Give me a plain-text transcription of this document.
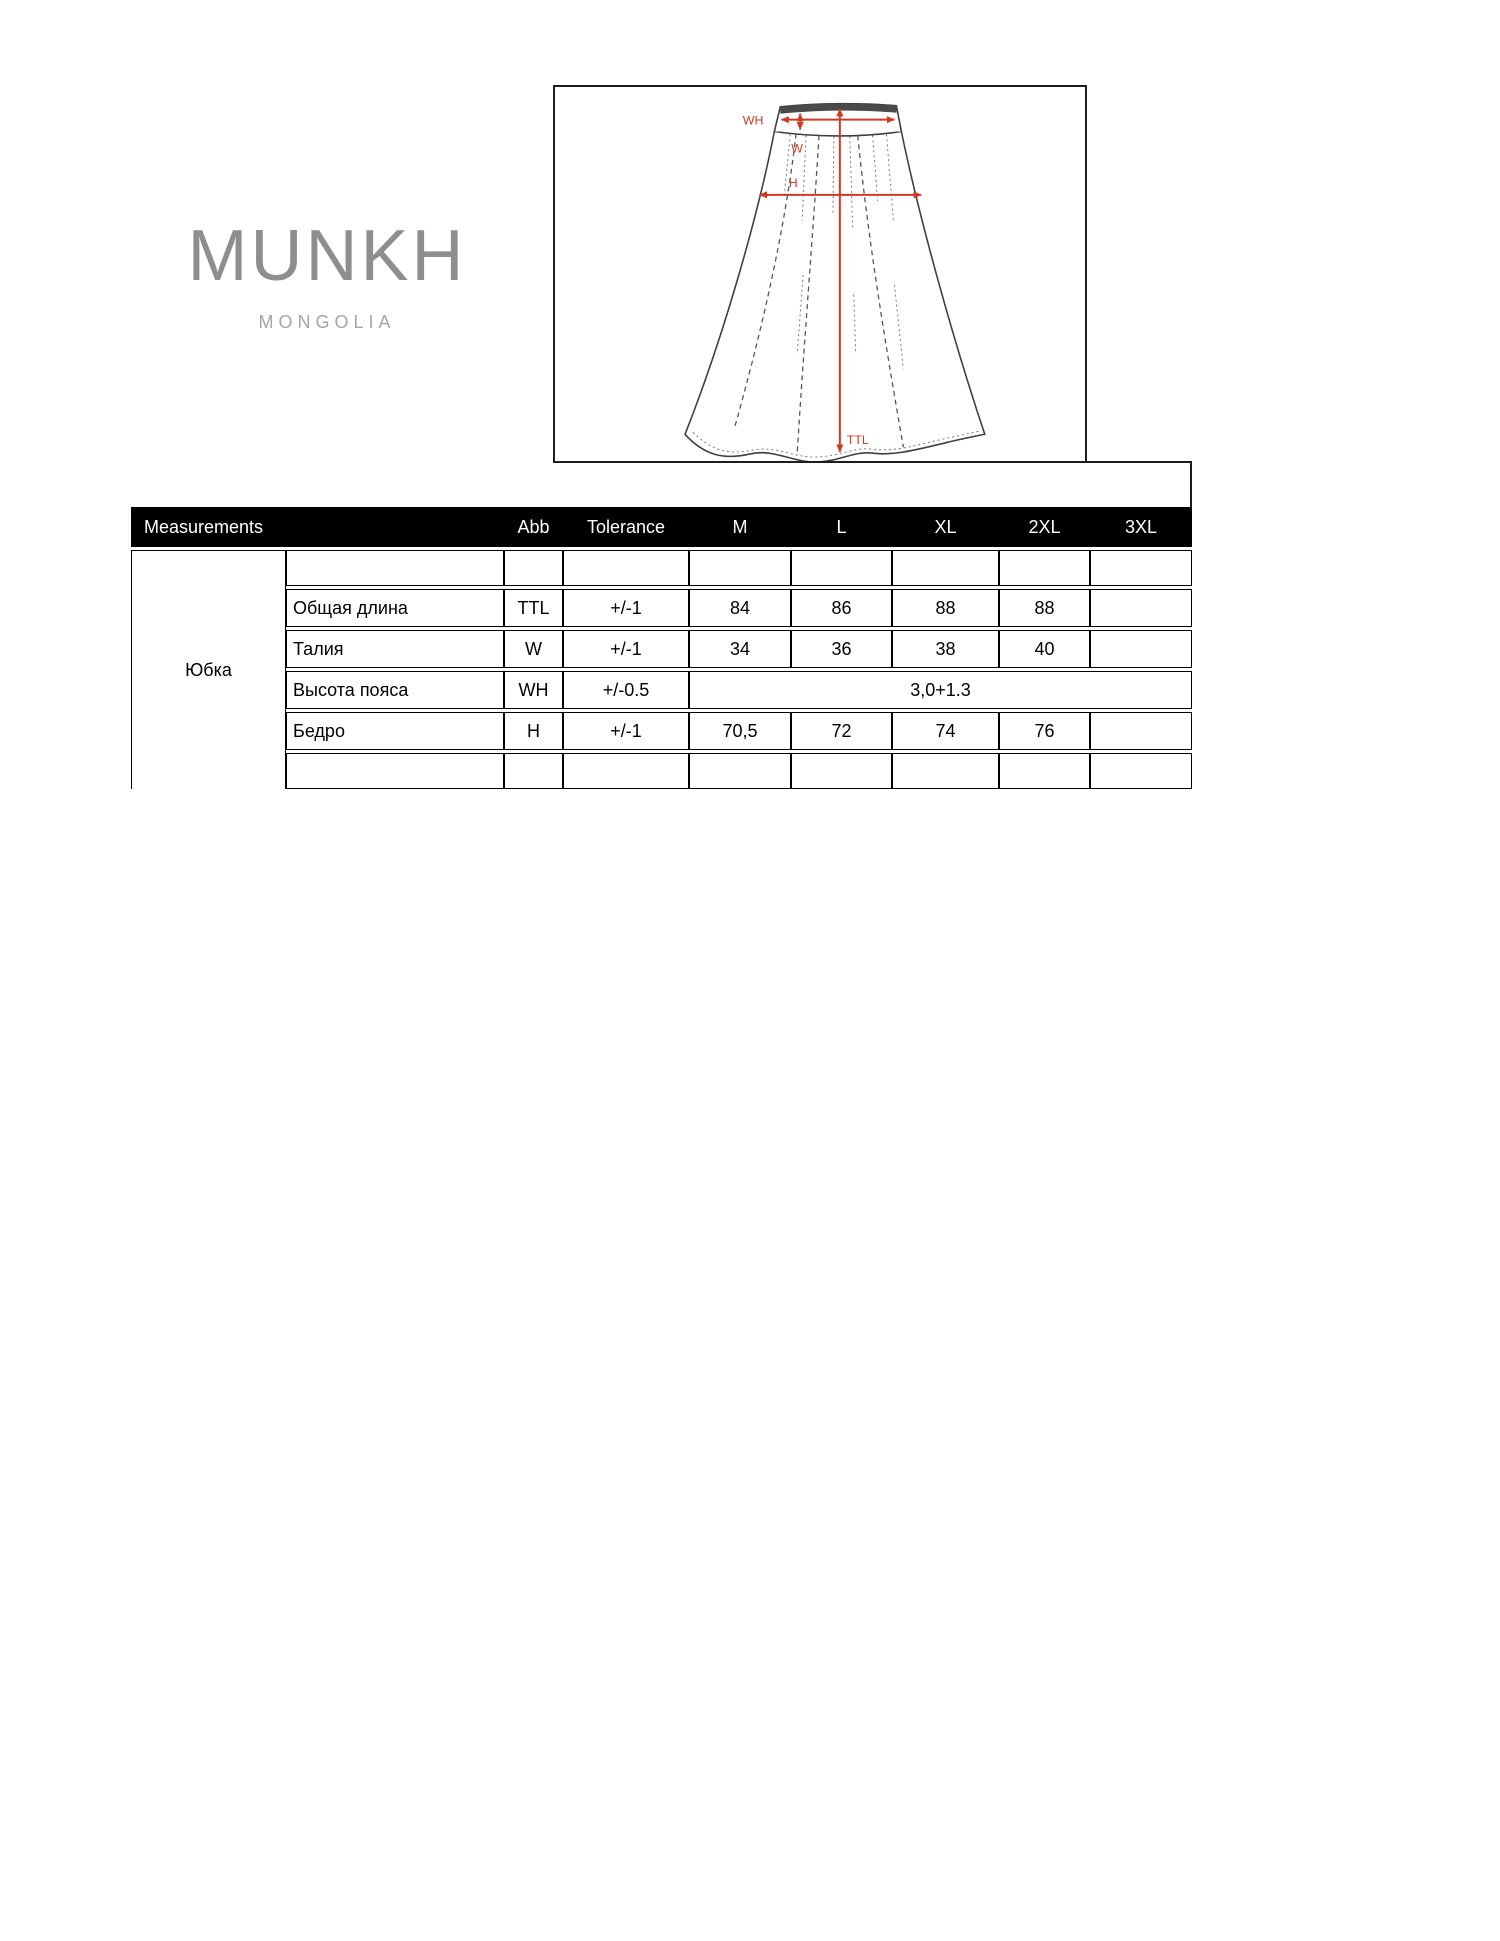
MUNKH
MONGOLIA
WH
W
H
TTL
Measurements		Abb	Tolerance	M	L	XL	2XL	3XL
Юбка								
	Общая длина	TTL	+/-1	84	86	88	88	
	Талия	W	+/-1	34	36	38	40	
	Высота пояса	WH	+/-0.5	3,0+1.3				
	Бедро	H	+/-1	70,5	72	74	76	
